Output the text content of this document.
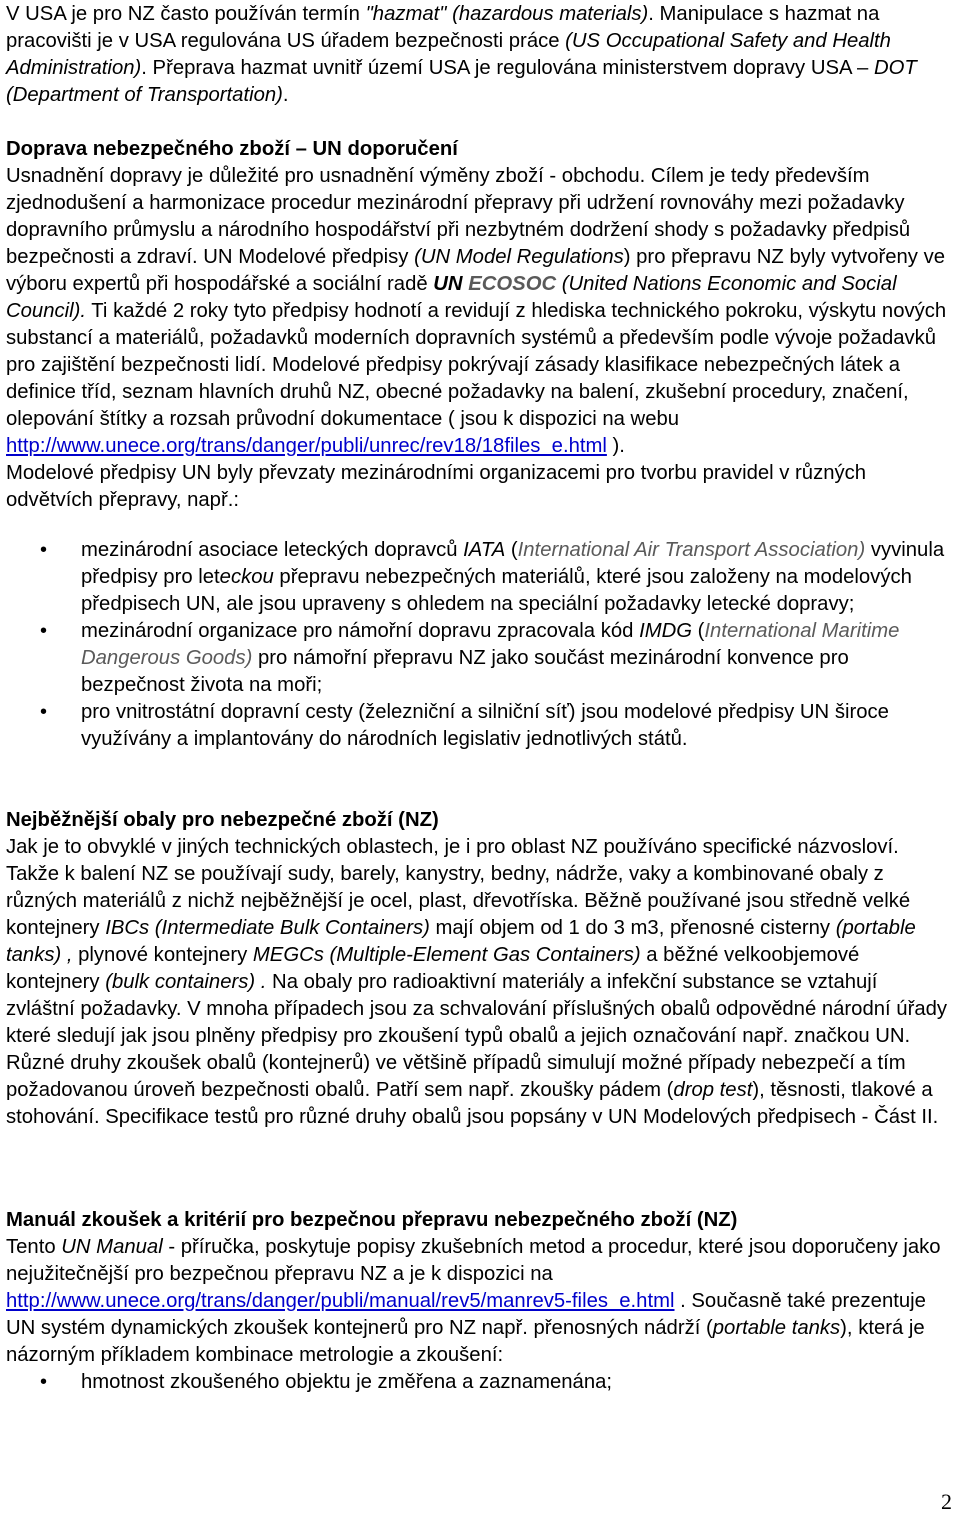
V USA je pro NZ často používán termín "hazmat" (hazardous materials). Manipulace s hazmat na pracovišti je v USA regulována US úřadem bezpečnosti práce (US Occupational Safety and Health Administration). Přeprava hazmat uvnitř území USA je regulována ministerstvem dopravy USA – DOT (Department of Transportation).

Doprava nebezpečného zboží – UN doporučení

Usnadnění dopravy je důležité pro usnadnění výměny zboží - obchodu. Cílem je tedy především zjednodušení a harmonizace procedur mezinárodní přepravy při udržení rovnováhy mezi požadavky dopravního průmyslu a národního hospodářství při nezbytném dodržení shody s požadavky předpisů bezpečnosti a zdraví. UN Modelové předpisy (UN Model Regulations) pro přepravu NZ byly vytvořeny ve výboru expertů při hospodářské a sociální radě UN ECOSOC (United Nations Economic and Social Council). Ti každé 2 roky tyto předpisy hodnotí a revidují z hlediska technického pokroku, výskytu nových substancí a materiálů, požadavků moderních dopravních systémů a především podle vývoje požadavků pro zajištění bezpečnosti lidí. Modelové předpisy pokrývají zásady klasifikace nebezpečných látek a definice tříd, seznam hlavních druhů NZ, obecné požadavky na balení, zkušební procedury, značení, olepování štítky a rozsah průvodní dokumentace ( jsou k dispozici na webu http://www.unece.org/trans/danger/publi/unrec/rev18/18files_e.html ).
Modelové předpisy UN byly převzaty mezinárodními organizacemi pro tvorbu pravidel v různých odvětvích přepravy, např.:

• mezinárodní asociace leteckých dopravců IATA (International Air Transport Association) vyvinula předpisy pro leteckou přepravu nebezpečných materiálů, které jsou založeny na modelových předpisech UN, ale jsou upraveny s ohledem na speciální požadavky letecké dopravy;
• mezinárodní organizace pro námořní dopravu zpracovala kód IMDG (International Maritime Dangerous Goods) pro námořní přepravu NZ jako součást mezinárodní konvence pro bezpečnost života na moři;
• pro vnitrostátní dopravní cesty (železniční a silniční síť) jsou modelové předpisy UN široce využívány a implantovány do národních legislativ jednotlivých států.

Nejběžnější obaly pro nebezpečné zboží (NZ)

Jak je to obvyklé v jiných technických oblastech, je i pro oblast NZ používáno specifické názvosloví. Takže k balení NZ se používají sudy, barely, kanystry, bedny, nádrže, vaky a kombinované obaly z různých materiálů z nichž nejběžnější je ocel, plast, dřevotříska. Běžně používané jsou středně velké kontejnery IBCs (Intermediate Bulk Containers) mají objem od 1 do 3 m3, přenosné cisterny (portable tanks) , plynové kontejnery MEGCs (Multiple-Element Gas Containers) a běžné velkoobjemové kontejnery (bulk containers) . Na obaly pro radioaktivní materiály a infekční substance se vztahují zvláštní požadavky. V mnoha případech jsou za schvalování příslušných obalů odpovědné národní úřady které sledují jak jsou plněny předpisy pro zkoušení typů obalů a jejich označování např. značkou UN. Různé druhy zkoušek obalů (kontejnerů) ve většině případů simulují možné případy nebezpečí a tím požadovanou úroveň bezpečnosti obalů. Patří sem např. zkoušky pádem (drop test), těsnosti, tlakové a stohování. Specifikace testů pro různé druhy obalů jsou popsány v UN Modelových předpisech - Část II.

Manuál zkoušek a kritérií pro bezpečnou přepravu nebezpečného zboží (NZ)

Tento UN Manual - příručka, poskytuje popisy zkušebních metod a procedur, které jsou doporučeny jako nejužitečnější pro bezpečnou přepravu NZ a je k dispozici na http://www.unece.org/trans/danger/publi/manual/rev5/manrev5-files_e.html . Současně také prezentuje UN systém dynamických zkoušek kontejnerů pro NZ např. přenosných nádrží (portable tanks), která je názorným příkladem kombinace metrologie a zkoušení:

• hmotnost zkoušeného objektu je změřena a zaznamenána;
2
